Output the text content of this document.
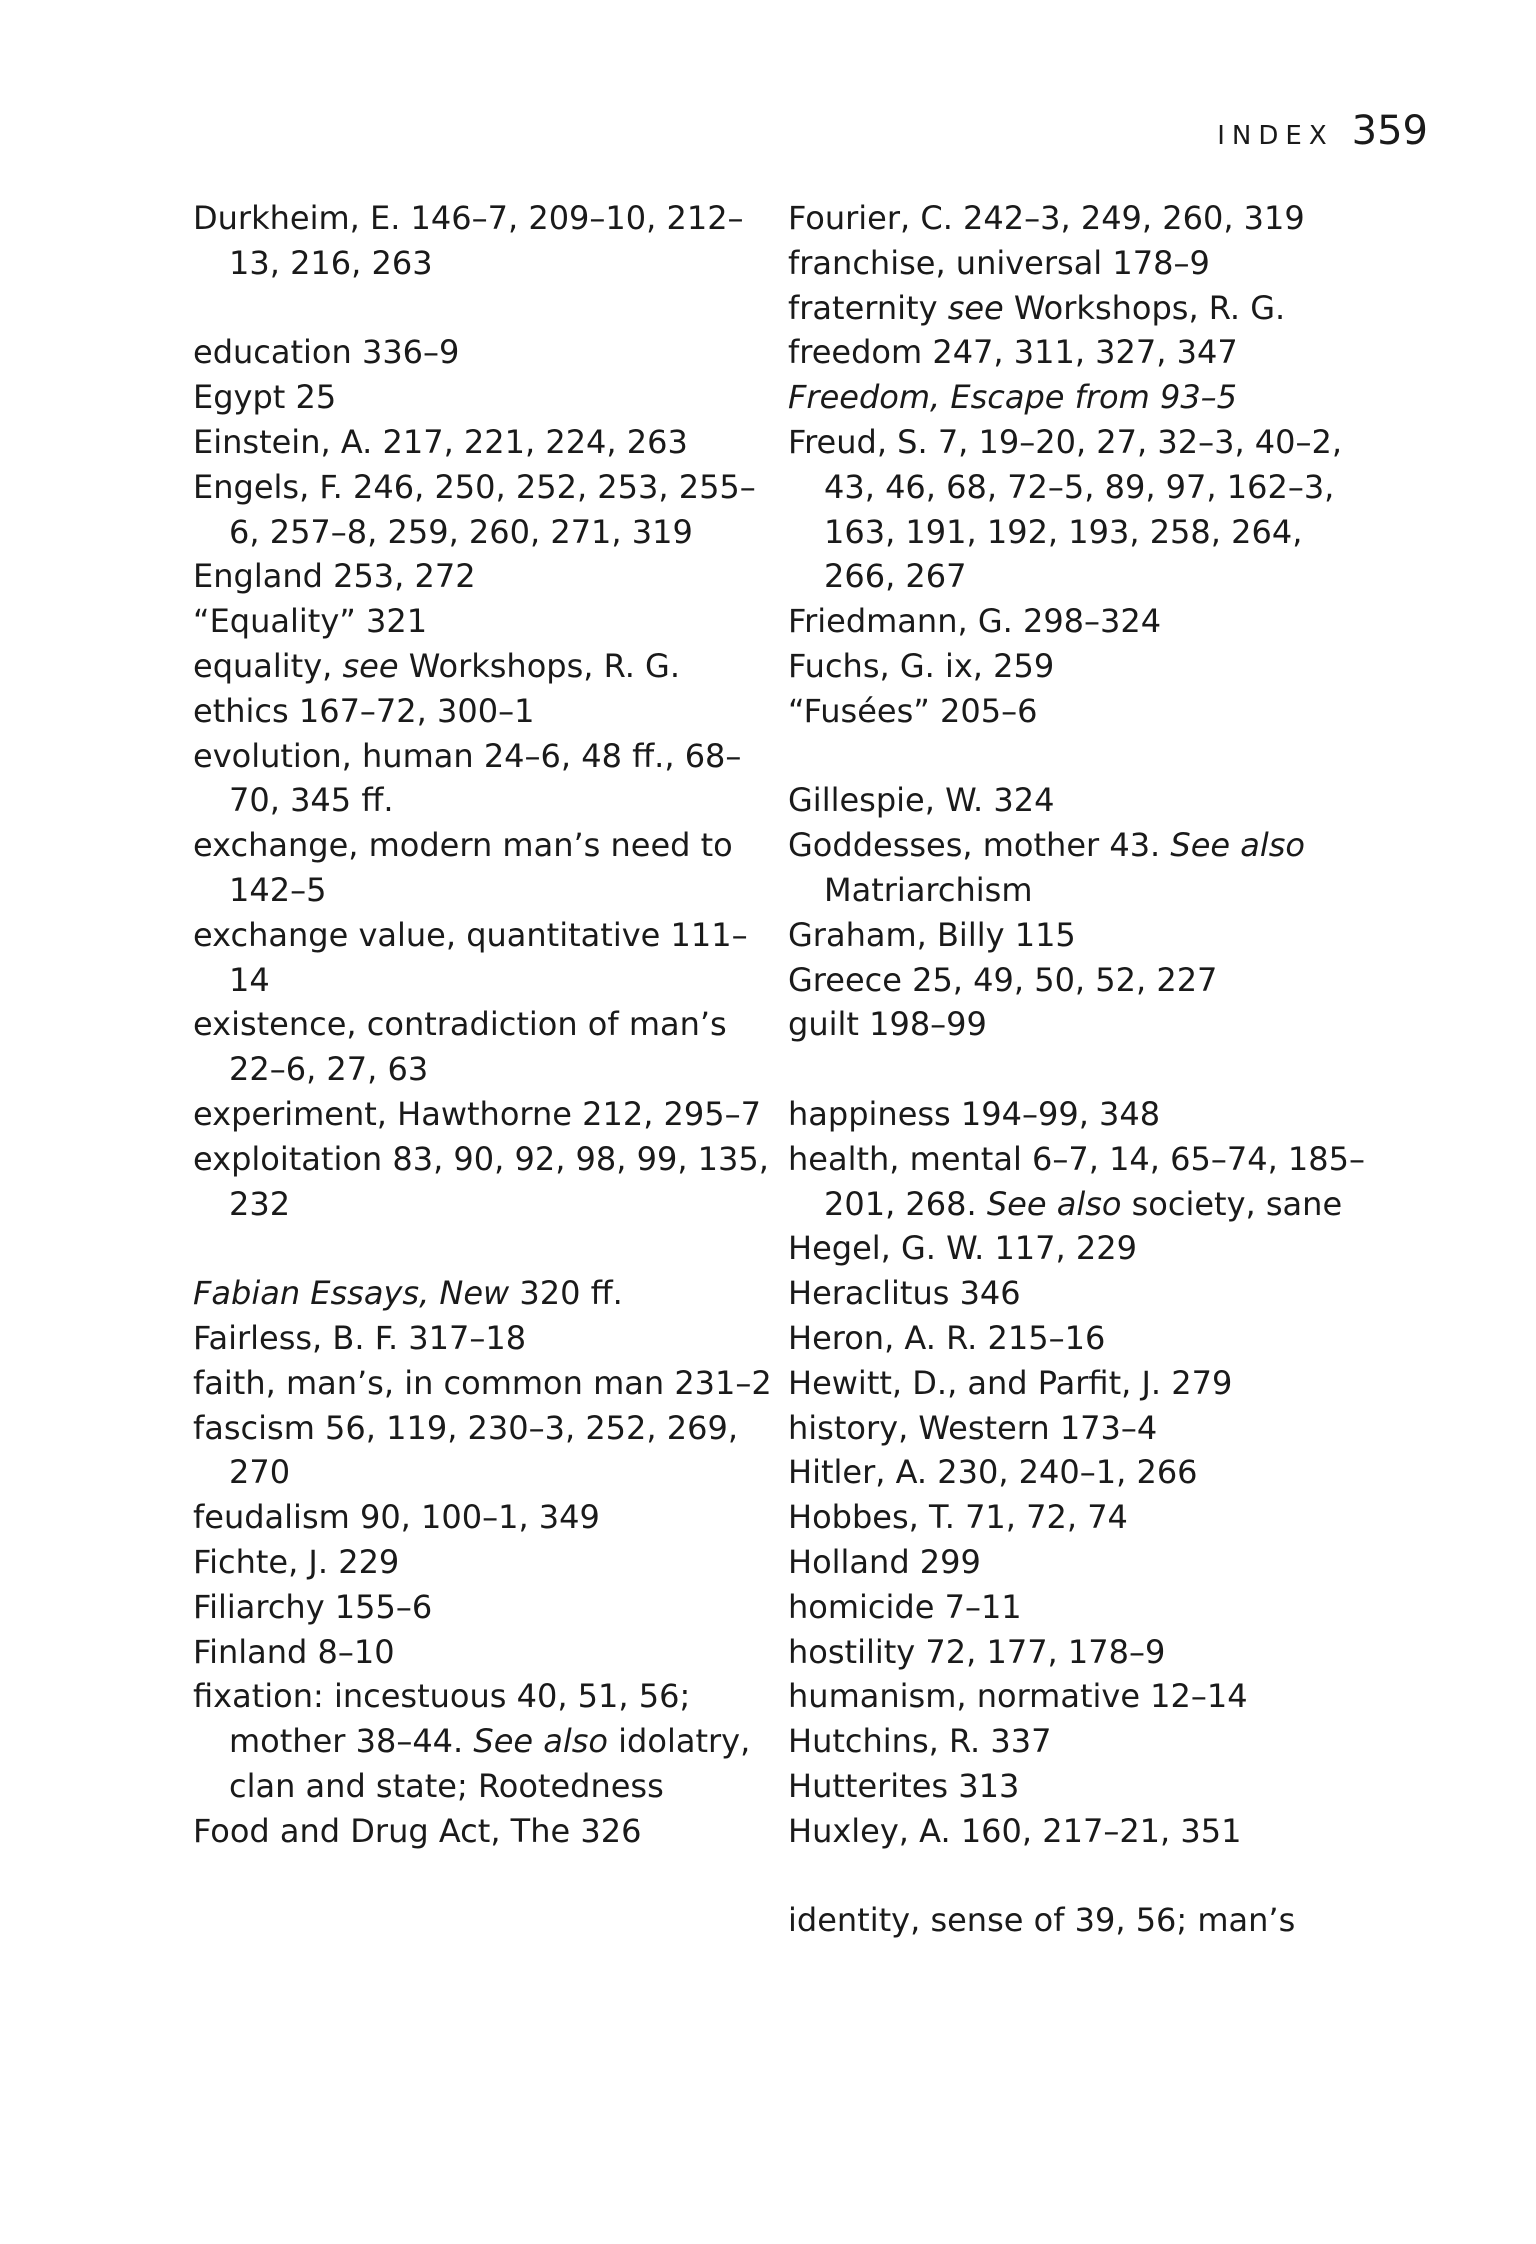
INDEX 359
Durkheim, E. 146–7, 209–10, 212–13, 216, 263
education 336–9
Egypt 25
Einstein, A. 217, 221, 224, 263
Engels, F. 246, 250, 252, 253, 255–6, 257–8, 259, 260, 271, 319
England 253, 272
“Equality” 321
equality, see Workshops, R. G.
ethics 167–72, 300–1
evolution, human 24–6, 48 ff., 68–70, 345 ff.
exchange, modern man’s need to 142–5
exchange value, quantitative 111–14
existence, contradiction of man’s 22–6, 27, 63
experiment, Hawthorne 212, 295–7
exploitation 83, 90, 92, 98, 99, 135, 232
Fabian Essays, New 320 ff.
Fairless, B. F. 317–18
faith, man’s, in common man 231–2
fascism 56, 119, 230–3, 252, 269, 270
feudalism 90, 100–1, 349
Fichte, J. 229
Filiarchy 155–6
Finland 8–10
fixation: incestuous 40, 51, 56; mother 38–44. See also idolatry, clan and state; Rootedness
Food and Drug Act, The 326
Fourier, C. 242–3, 249, 260, 319
franchise, universal 178–9
fraternity see Workshops, R. G.
freedom 247, 311, 327, 347
Freedom, Escape from 93–5
Freud, S. 7, 19–20, 27, 32–3, 40–2, 43, 46, 68, 72–5, 89, 97, 162–3, 163, 191, 192, 193, 258, 264, 266, 267
Friedmann, G. 298–324
Fuchs, G. ix, 259
“Fusées” 205–6
Gillespie, W. 324
Goddesses, mother 43. See also Matriarchism
Graham, Billy 115
Greece 25, 49, 50, 52, 227
guilt 198–99
happiness 194–99, 348
health, mental 6–7, 14, 65–74, 185–201, 268. See also society, sane
Hegel, G. W. 117, 229
Heraclitus 346
Heron, A. R. 215–16
Hewitt, D., and Parfit, J. 279
history, Western 173–4
Hitler, A. 230, 240–1, 266
Hobbes, T. 71, 72, 74
Holland 299
homicide 7–11
hostility 72, 177, 178–9
humanism, normative 12–14
Hutchins, R. 337
Hutterites 313
Huxley, A. 160, 217–21, 351
identity, sense of 39, 56; man’s
